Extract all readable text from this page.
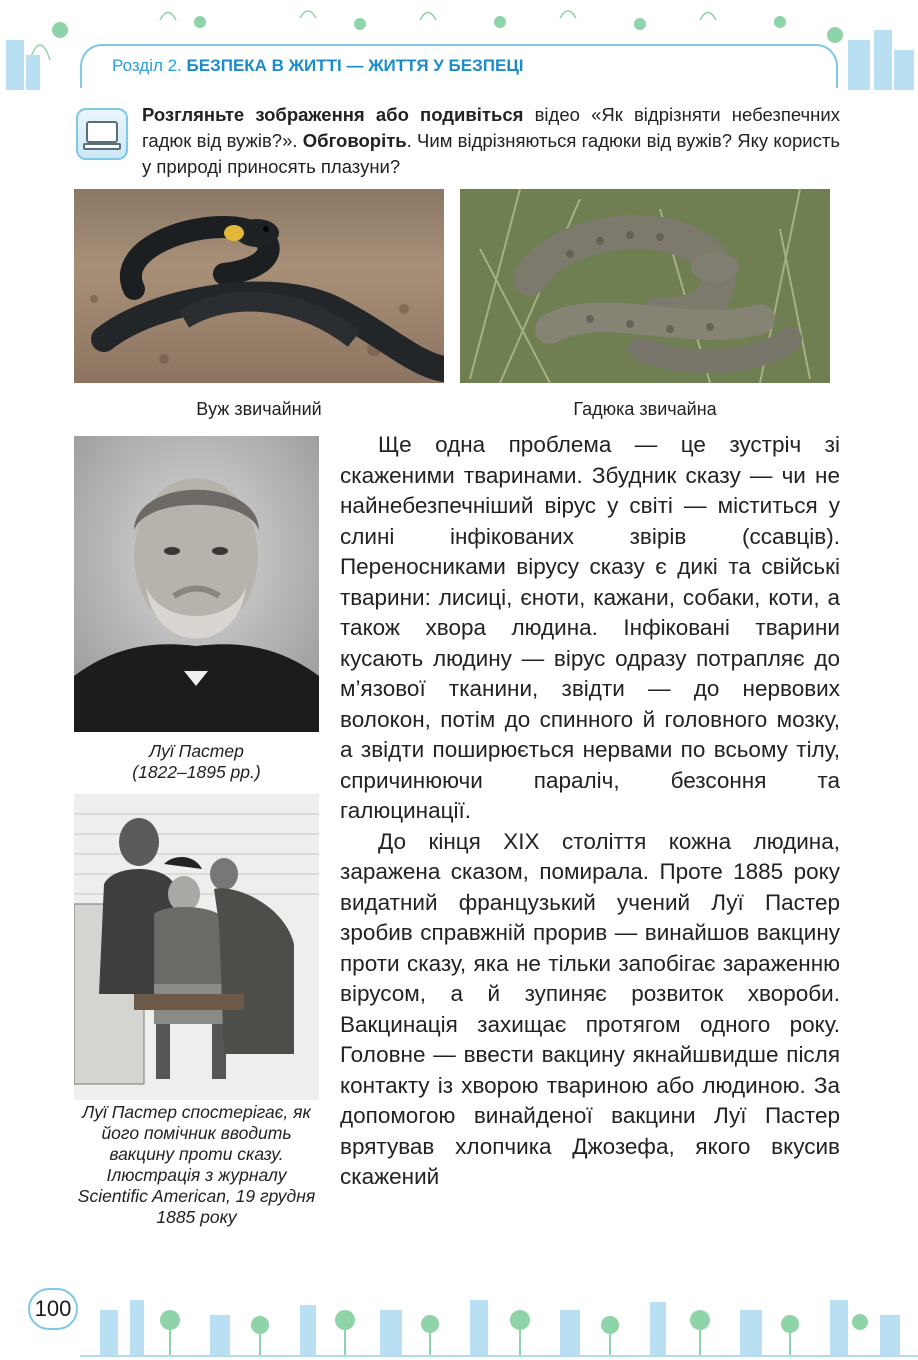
Розділ 2. БЕЗПЕКА В ЖИТТІ — ЖИТТЯ У БЕЗПЕЦІ
Розгляньте зображення або подивіться відео «Як відрізняти небезпечних гадюк від вужів?». Обговоріть. Чим відрізняються гадюки від вужів? Яку користь у природі приносять плазуни?
Вуж звичайний	Гадюка звичайна
Луї Пастер
(1822–1895 рр.)
Луї Пастер спостерігає, як його помічник вводить вакцину проти сказу. Ілюстрація з журналу Scientific American, 19 грудня 1885 року

Ще одна проблема — це зустріч зі скаженими тваринами. Збудник сказу — чи не найнебезпечніший вірус у світі — міститься у слині інфікованих звірів (ссавців). Переносниками вірусу сказу є дикі та свійські тварини: лисиці, єноти, кажани, собаки, коти, а також хвора людина. Інфіковані тварини кусають людину — вірус одразу потрапляє до м’язової тканини, звідти — до нервових волокон, потім до спинного й головного мозку, а звідти поширюється нервами по всьому тілу, спричинюючи параліч, безсоння та галюцинації.

До кінця XIX століття кожна людина, заражена сказом, помирала. Проте 1885 року видатний французький учений Луї Пастер зробив справжній прорив — винайшов вакцину проти сказу, яка не тільки запобігає зараженню вірусом, а й зупиняє розвиток хвороби. Вакцинація захищає протягом одного року. Головне — ввести вакцину якнайшвидше після контакту із хворою твариною або людиною. За допомогою винайденої вакцини Луї Пастер врятував хлопчика Джозефа, якого вкусив скажений

100
